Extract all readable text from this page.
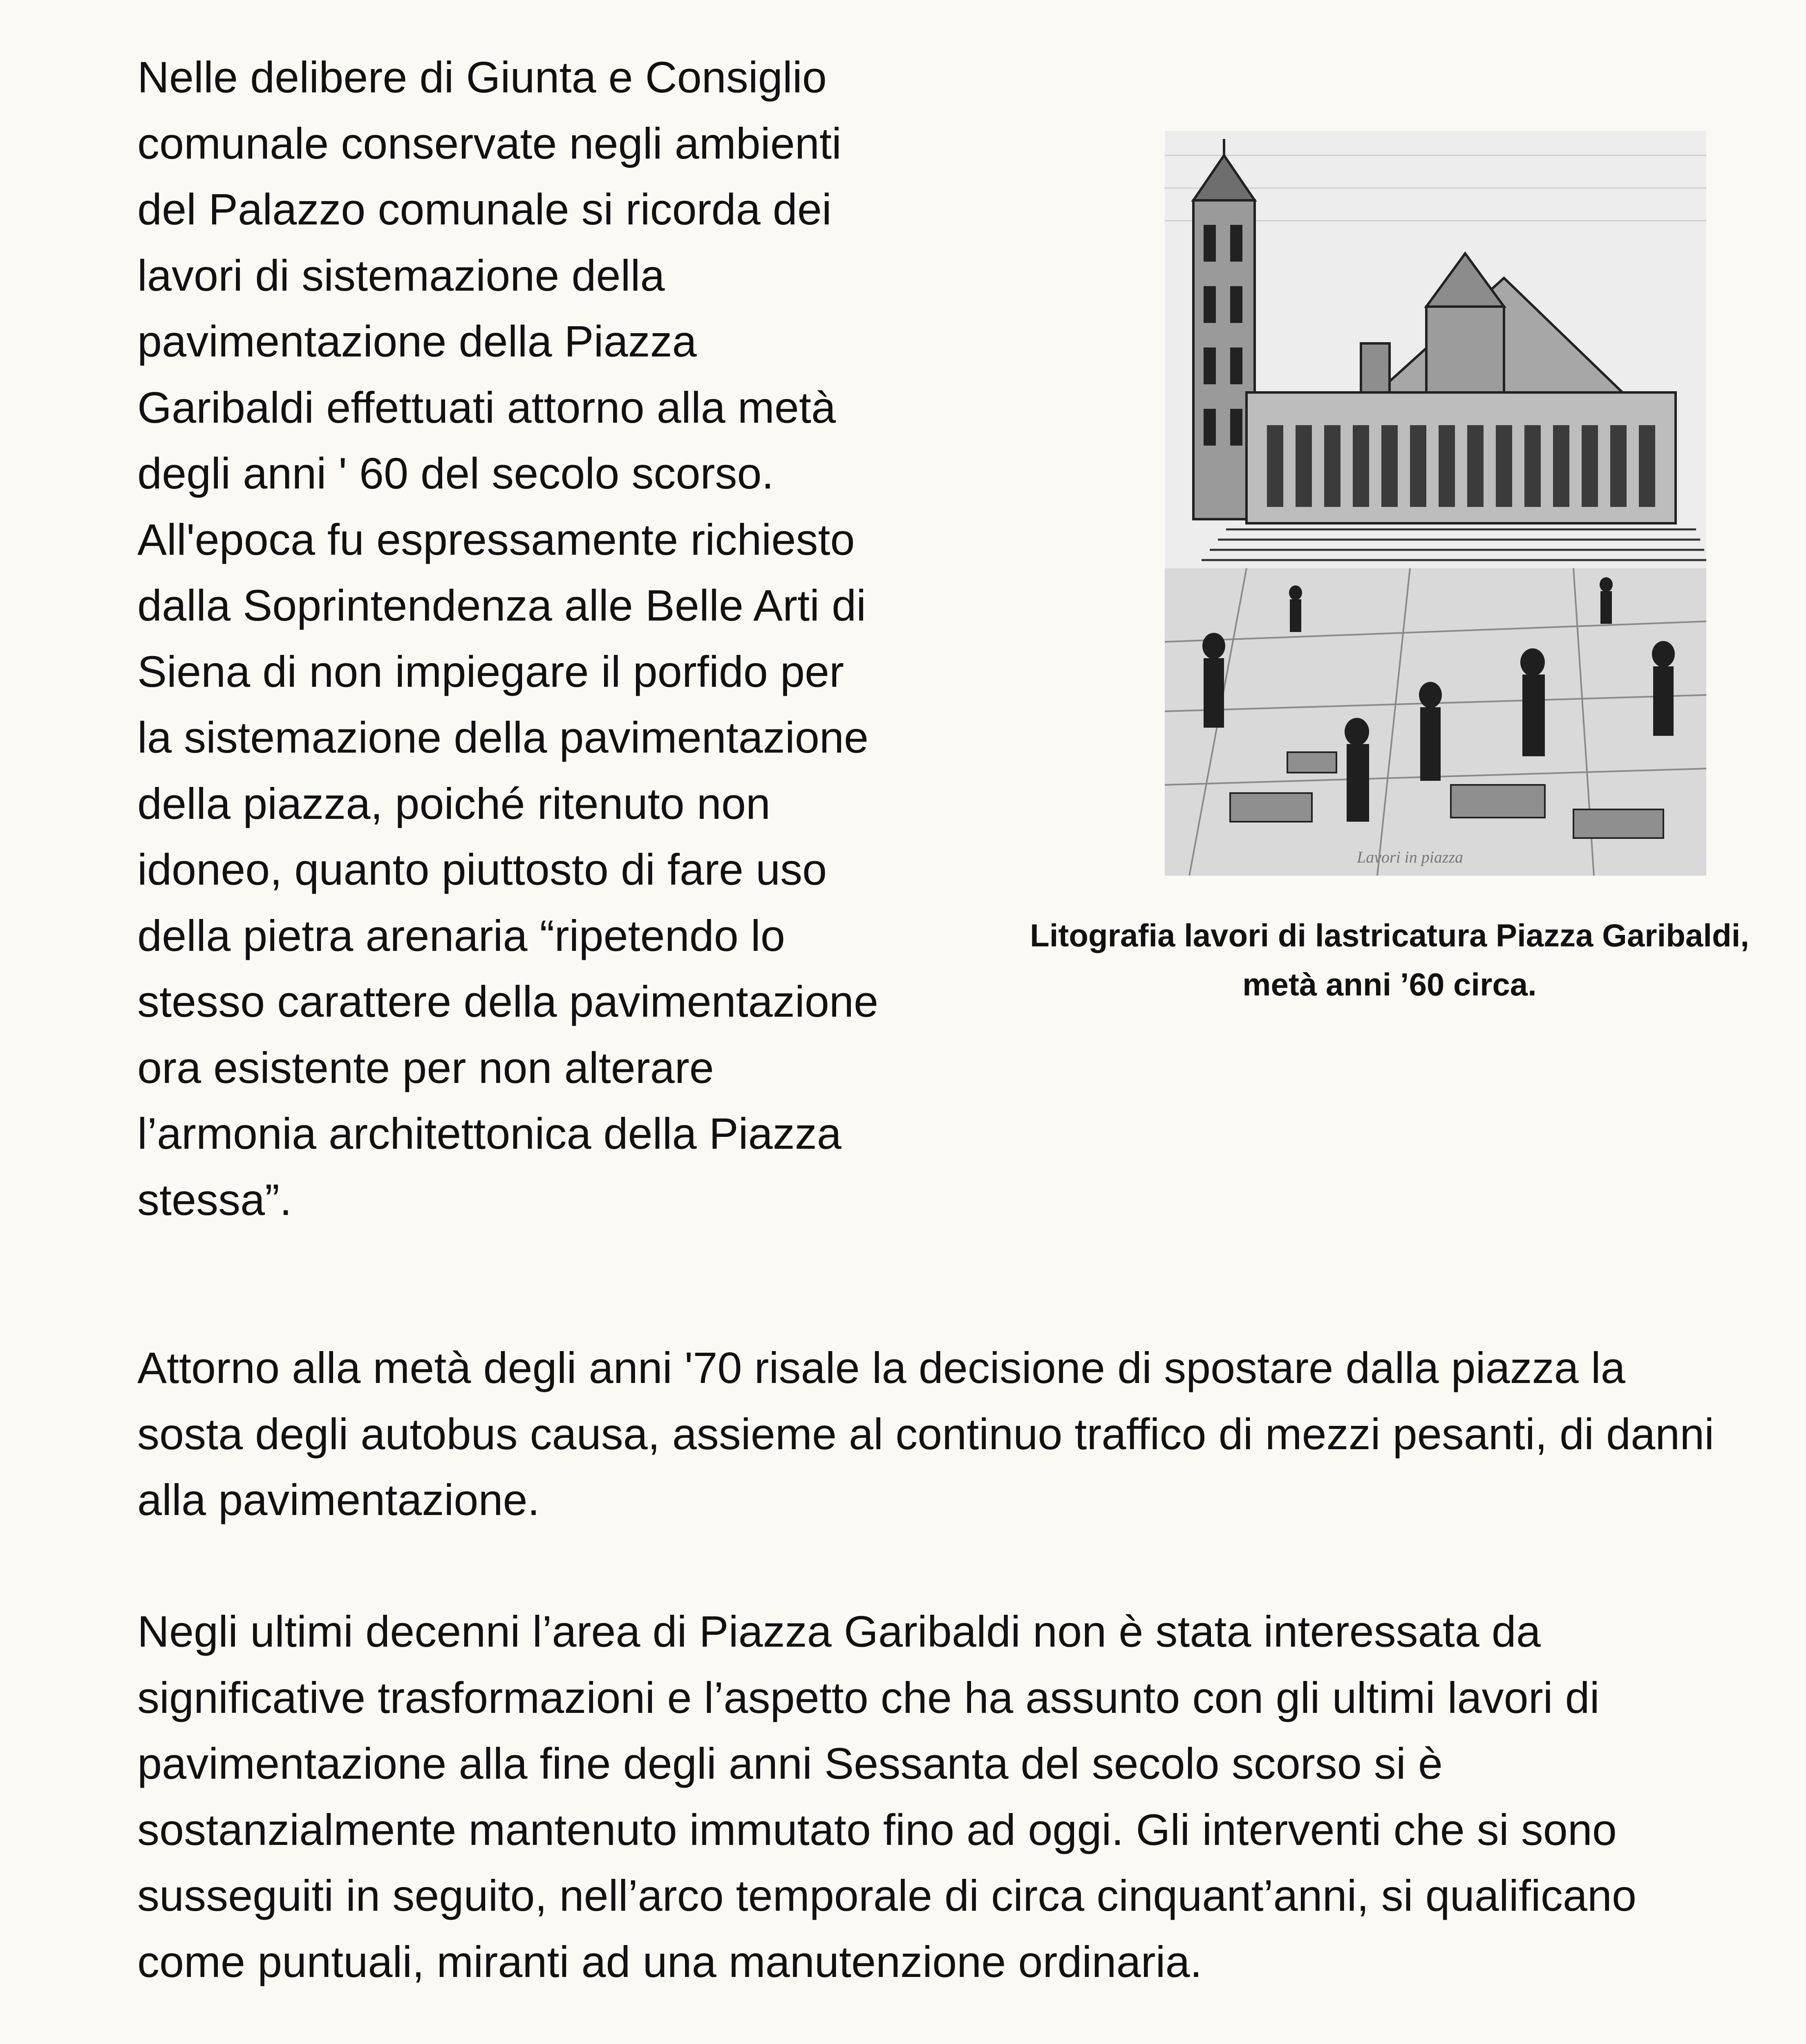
Nelle delibere di Giunta e Consiglio
comunale conservate negli ambienti
del Palazzo comunale si ricorda dei
lavori di sistemazione della
pavimentazione della Piazza
Garibaldi effettuati attorno alla metà
degli anni ' 60 del secolo scorso.
All'epoca fu espressamente richiesto
dalla Soprintendenza alle Belle Arti di
Siena di non impiegare il porfido per
la sistemazione della pavimentazione
della piazza, poiché ritenuto non
idoneo, quanto piuttosto di fare uso
della pietra arenaria “ripetendo lo
stesso carattere della pavimentazione
ora esistente per non alterare
l’armonia architettonica della Piazza
stessa”.

Lavori in piazza

Litografia lavori di lastricatura Piazza Garibaldi,
metà anni ’60 circa.

Attorno alla metà degli anni '70 risale la decisione di spostare dalla piazza la sosta degli autobus causa, assieme al continuo traffico di mezzi pesanti, di danni alla pavimentazione.

Negli ultimi decenni l’area di Piazza Garibaldi non è stata interessata da significative trasformazioni e l’aspetto che ha assunto con gli ultimi lavori di pavimentazione alla fine degli anni Sessanta del secolo scorso si è sostanzialmente mantenuto immutato fino ad oggi. Gli interventi che si sono susseguiti in seguito, nell’arco temporale di circa cinquant’anni, si qualificano come puntuali, miranti ad una manutenzione ordinaria.
